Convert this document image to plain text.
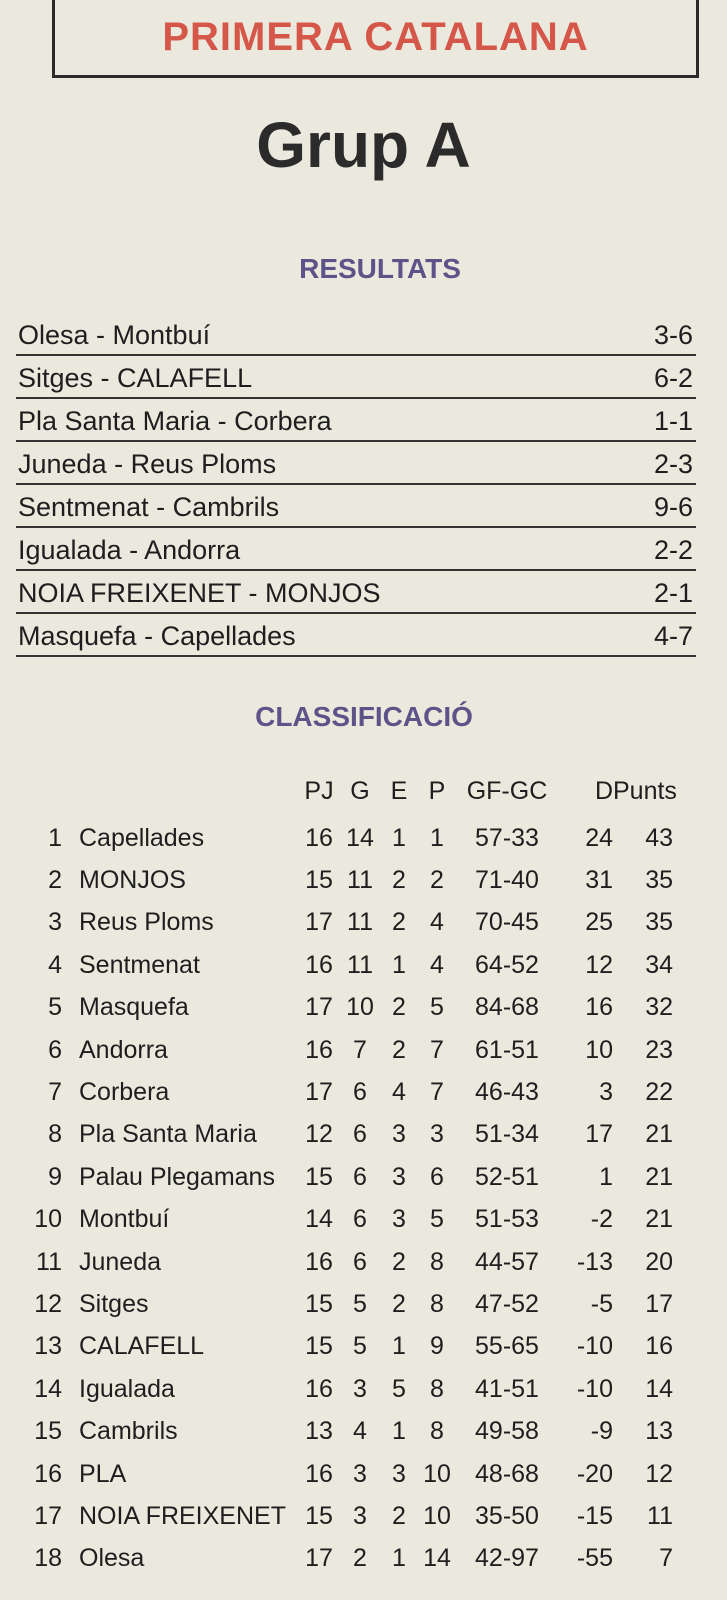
PRIMERA CATALANA
Grup A
RESULTATS
Olesa - Montbuí	3-6
Sitges - CALAFELL	6-2
Pla Santa Maria - Corbera	1-1
Juneda - Reus Ploms	2-3
Sentmenat - Cambrils	9-6
Igualada - Andorra	2-2
NOIA FREIXENET - MONJOS	2-1
Masquefa - Capellades	4-7
CLASSIFICACIÓ
PJ G E P GF-GC	D Punts
1 Capellades	16 14 1 1	57-33	24	43
2 MONJOS	15 11 2 2	71-40	31	35
3 Reus Ploms	17 11 2 4	70-45	25	35
4 Sentmenat	16 11 1 4	64-52	12	34
5 Masquefa	17 10 2 5	84-68	16	32
6 Andorra	16 7	2 7	61-51	10	23
7 Corbera	17 6	4 7	46-43	3	22
8 Pla Santa Maria	12 6	3 3	51-34	17	21
9 Palau Plegamans	15 6	3 6	52-51	1	21
10 Montbuí	14 6	3 5	51-53	-2	21
11 Juneda	16 6	2 8	44-57	-13	20
12 Sitges	15 5	2 8	47-52	-5	17
13 CALAFELL	15 5	1 9	55-65	-10	16
14 Igualada	16 3	5 8	41-51	-10	14
15 Cambrils	13 4	1 8	49-58	-9	13
16 PLA	16 3	3 10 48-68	-20	12
17 NOIA FREIXENET 15 3	2 10 35-50	-15	11
18 Olesa	17 2	1 14 42-97	-55	7
